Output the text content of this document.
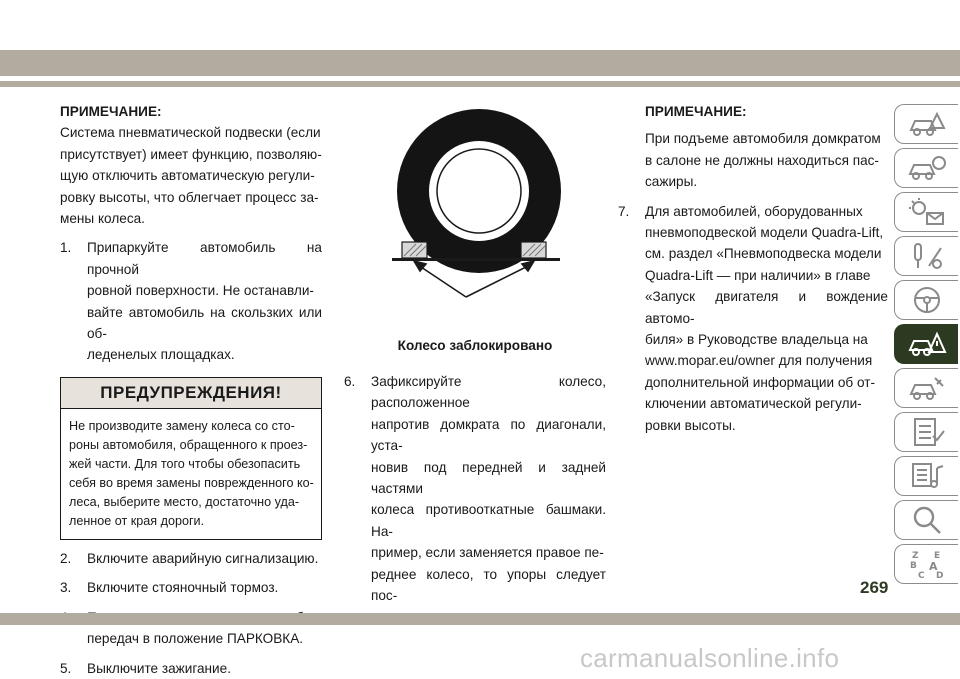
ПРИМЕЧАНИЕ:

Система пневматической подвески (если
присутствует) имеет функцию, позволяю-
щую отключить автоматическую регули-
ровку высоты, что облегчает процесс за-
мены колеса.

1. Припаркуйте автомобиль на прочной
ровной поверхности. Не останавли-
вайте автомобиль на скользких или об-
леденелых площадках.
ПРЕДУПРЕЖДЕНИЯ!
Не производите замену колеса со сто-
роны автомобиля, обращенного к проез-
жей части. Для того чтобы обезопасить
себя во время замены поврежденного ко-
леса, выберите место, достаточно уда-
ленное от края дороги.
2. Включите аварийную сигнализацию.
3. Включите стояночный тормоз.

передач в положение ПАРКОВКА.
5. Выключите зажигание.
Колесо заблокировано
6. Зафиксируйте колесо, расположенное
напротив домкрата по диагонали, уста-
новив под передней и задней частями
колеса противооткатные башмаки. На-
пример, если заменяется правое пе-
реднее колесо, то упоры следует пос-

ПРИМЕЧАНИЕ:

При подъеме автомобиля домкратом
в салоне не должны находиться пас-
сажиры.

7. Для автомобилей, оборудованных
пневмоподвеской модели Quadra-Lift,
см. раздел «Пневмоподвеска модели
Quadra-Lift — при наличии» в главе
«Запуск двигателя и вождение автомо-
биля» в Руководстве владельца на
www.mopar.eu/owner для получения
дополнительной информации об от-
ключении автоматической регули-
ровки высоты.
Z E
B A
C D
269
carmanualsonline.info
